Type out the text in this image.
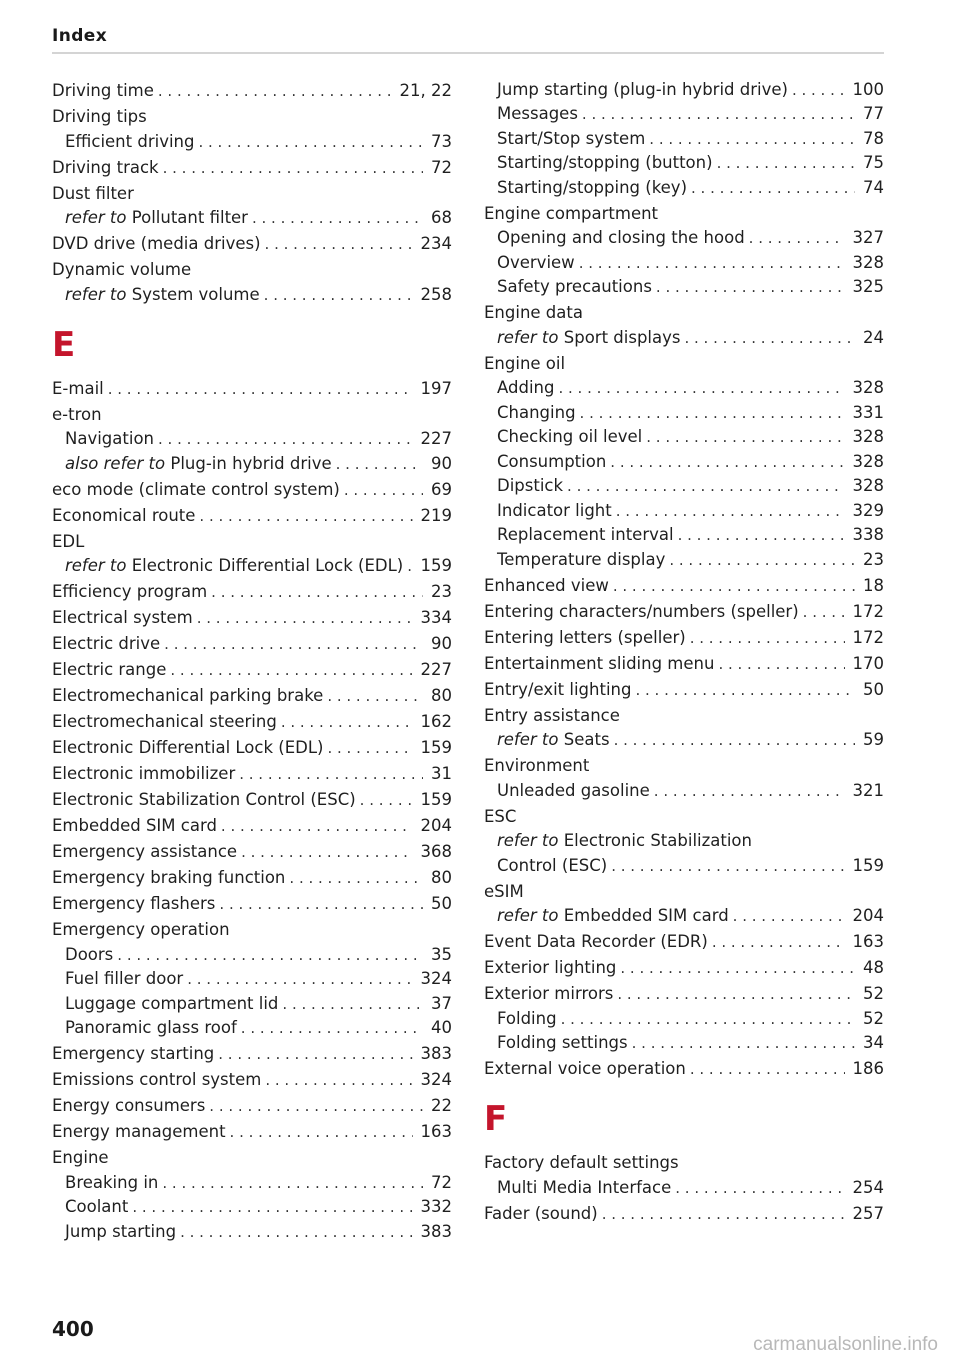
Index
Driving time . . .	21, 22
Driving tips
Efficient driving . . .	73
Driving track . . .	72
Dust filter
refer to Pollutant filter . . .	68
DVD drive (media drives) . . .	234
Dynamic volume
refer to System volume . . .	258
E
E-mail . . .	197
e-tron
Navigation . . .	227
also refer to Plug-in hybrid drive . . .	90
eco mode (climate control system) . . .	69
Economical route . . .	219
EDL
refer to Electronic Differential Lock (EDL) . . . 159
Efficiency program . . .	23
Electrical system . . .	334
Electric drive . . .	90
Electric range . . .	227
Electromechanical parking brake . . .	80
Electromechanical steering . . .	162
Electronic Differential Lock (EDL) . . .	159
Electronic immobilizer . . .	31
Electronic Stabilization Control (ESC) . . .	159
Embedded SIM card . . .	204
Emergency assistance . . .	368
Emergency braking function . . .	80
Emergency flashers . . .	50
Emergency operation
Doors . . .	35
Fuel filler door . . .	324
Luggage compartment lid . . .	37
Panoramic glass roof . . .	40
Emergency starting . . .	383
Emissions control system . . .	324
Energy consumers . . .	22
Energy management . . .	163
Engine
Breaking in . . .	72
Coolant . . .	332
Jump starting . . .	383
Jump starting (plug-in hybrid drive) . . .	100
Messages . . .	77
Start/Stop system . . .	78
Starting/stopping (button) . . .	75
Starting/stopping (key) . . .	74
Engine compartment
Opening and closing the hood . . .	327
Overview . . .	328
Safety precautions . . .	325
Engine data
refer to Sport displays . . .	24
Engine oil
Adding . . .	328
Changing . . .	331
Checking oil level . . .	328
Consumption . . .	328
Dipstick . . .	328
Indicator light . . .	329
Replacement interval . . .	338
Temperature display . . .	23
Enhanced view . . .	18
Entering characters/numbers (speller) . . .	172
Entering letters (speller) . . .	172
Entertainment sliding menu . . .	170
Entry/exit lighting . . .	50
Entry assistance
refer to Seats . . .	59
Environment
Unleaded gasoline . . .	321
ESC
refer to Electronic Stabilization
Control (ESC) . . .	159
eSIM
refer to Embedded SIM card . . .	204
Event Data Recorder (EDR) . . .	163
Exterior lighting . . .	48
Exterior mirrors . . .	52
Folding . . .	52
Folding settings . . .	34
External voice operation . . .	186
F
Factory default settings
Multi Media Interface . . .	254
Fader (sound) . . .	257
400
carmanualsonline.info
